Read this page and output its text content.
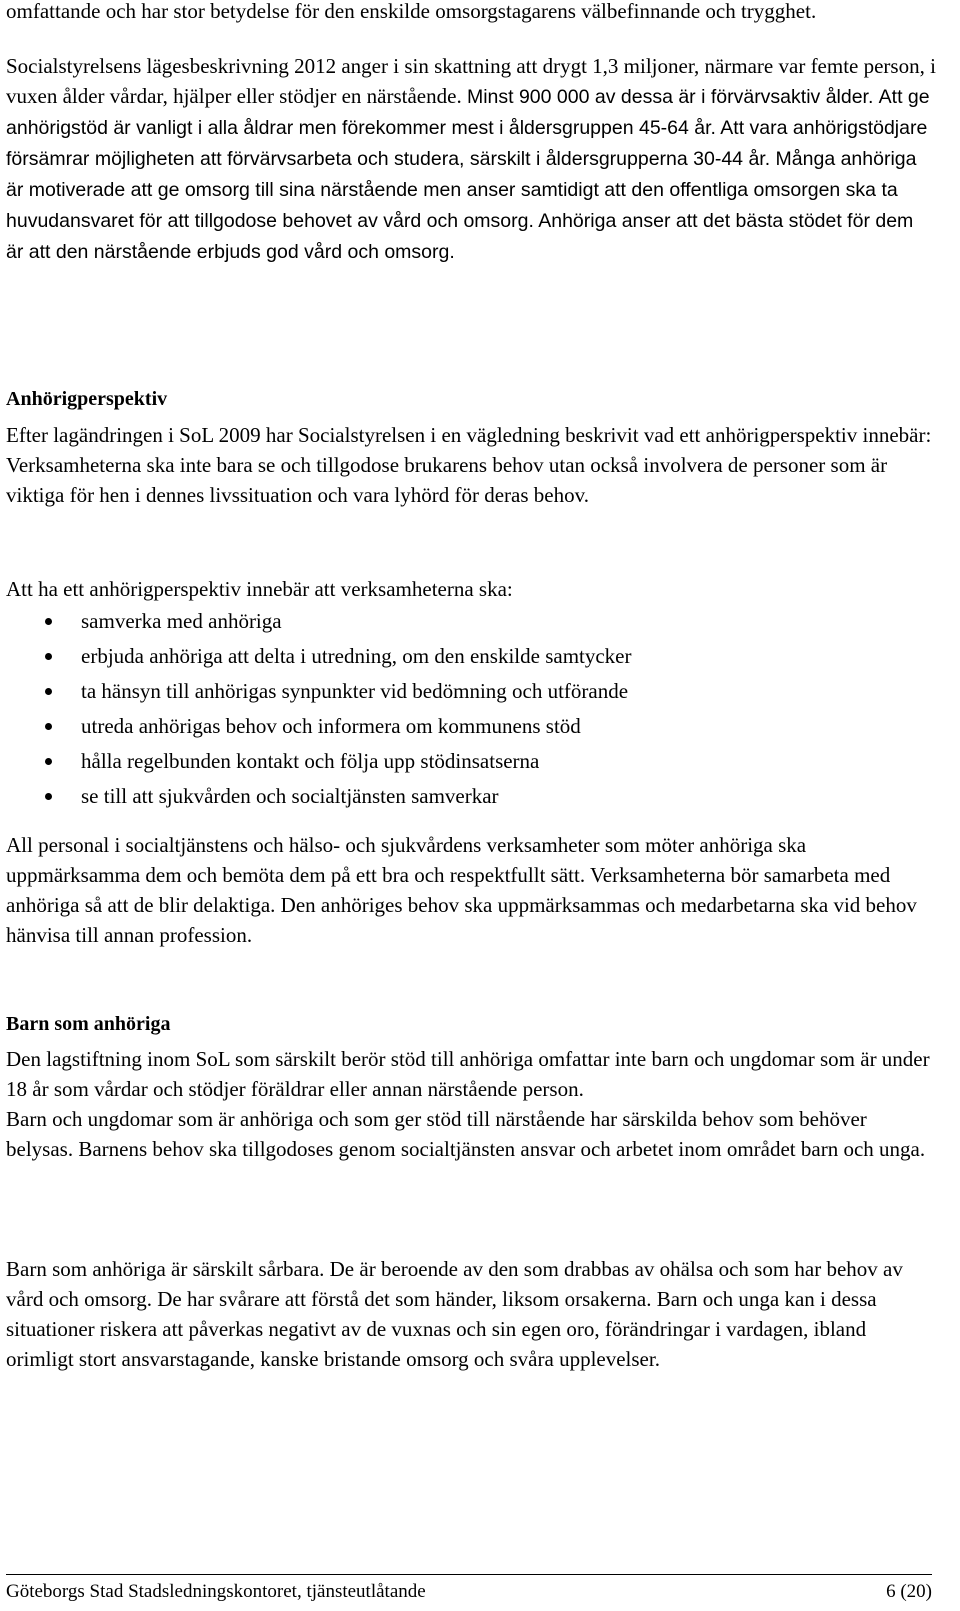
omfattande och har stor betydelse för den enskilde omsorgstagarens välbefinnande och trygghet.

Socialstyrelsens lägesbeskrivning 2012 anger i sin skattning att drygt 1,3 miljoner, närmare var femte person, i vuxen ålder vårdar, hjälper eller stödjer en närstående. Minst 900 000 av dessa är i förvärvsaktiv ålder. Att ge anhörigstöd är vanligt i alla åldrar men förekommer mest i åldersgruppen 45-64 år. Att vara anhörigstödjare försämrar möjligheten att förvärvsarbeta och studera, särskilt i åldersgrupperna 30-44 år. Många anhöriga är motiverade att ge omsorg till sina närstående men anser samtidigt att den offentliga omsorgen ska ta huvudansvaret för att tillgodose behovet av vård och omsorg. Anhöriga anser att det bästa stödet för dem är att den närstående erbjuds god vård och omsorg.

Anhörigperspektiv

Efter lagändringen i SoL 2009 har Socialstyrelsen i en vägledning beskrivit vad ett anhörigperspektiv innebär:

Verksamheterna ska inte bara se och tillgodose brukarens behov utan också involvera de personer som är viktiga för hen i dennes livssituation och vara lyhörd för deras behov.

Att ha ett anhörigperspektiv innebär att verksamheterna ska:

samverka med anhöriga
erbjuda anhöriga att delta i utredning, om den enskilde samtycker
ta hänsyn till anhörigas synpunkter vid bedömning och utförande
utreda anhörigas behov och informera om kommunens stöd
hålla regelbunden kontakt och följa upp stödinsatserna
se till att sjukvården och socialtjänsten samverkar

All personal i socialtjänstens och hälso- och sjukvårdens verksamheter som möter anhöriga ska uppmärksamma dem och bemöta dem på ett bra och respektfullt sätt. Verksamheterna bör samarbeta med anhöriga så att de blir delaktiga. Den anhöriges behov ska uppmärksammas och medarbetarna ska vid behov hänvisa till annan profession.

Barn som anhöriga

Den lagstiftning inom SoL som särskilt berör stöd till anhöriga omfattar inte barn och ungdomar som är under 18 år som vårdar och stödjer föräldrar eller annan närstående person.

Barn och ungdomar som är anhöriga och som ger stöd till närstående har särskilda behov som behöver belysas. Barnens behov ska tillgodoses genom socialtjänsten ansvar och arbetet inom området barn och unga.

Barn som anhöriga är särskilt sårbara. De är beroende av den som drabbas av ohälsa och som har behov av vård och omsorg. De har svårare att förstå det som händer, liksom orsakerna. Barn och unga kan i dessa situationer riskera att påverkas negativt av de vuxnas och sin egen oro, förändringar i vardagen, ibland orimligt stort ansvarstagande, kanske bristande omsorg och svåra upplevelser.

Göteborgs Stad Stadsledningskontoret, tjänsteutlåtande	6 (20)
